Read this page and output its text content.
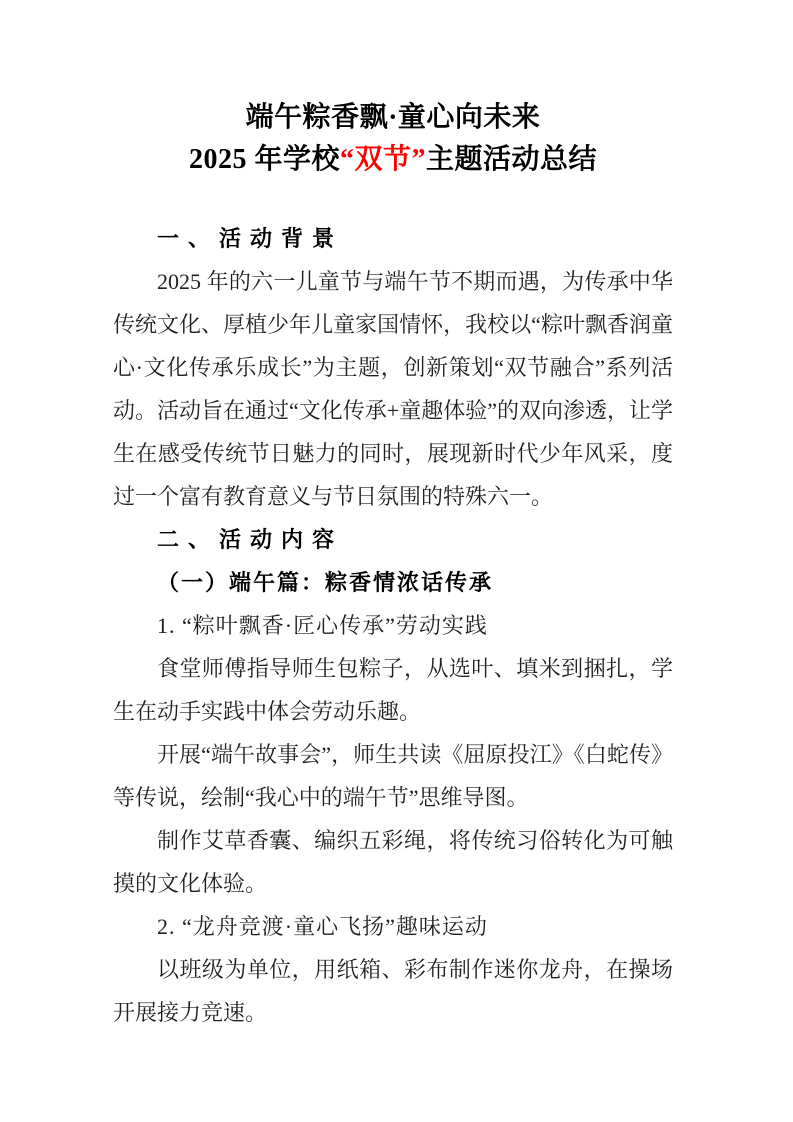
端午粽香飘·童心向未来
2025 年学校“双节”主题活动总结

一、活动背景

2025 年的六一儿童节与端午节不期而遇，为传承中华传统文化、厚植少年儿童家国情怀，我校以“粽叶飘香润童心·文化传承乐成长”为主题，创新策划“双节融合”系列活动。活动旨在通过“文化传承+童趣体验”的双向渗透，让学生在感受传统节日魅力的同时，展现新时代少年风采，度过一个富有教育意义与节日氛围的特殊六一。

二、活动内容

（一）端午篇：粽香情浓话传承

1. “粽叶飘香·匠心传承”劳动实践

食堂师傅指导师生包粽子，从选叶、填米到捆扎，学生在动手实践中体会劳动乐趣。

开展“端午故事会”，师生共读《屈原投江》《白蛇传》等传说，绘制“我心中的端午节”思维导图。

制作艾草香囊、编织五彩绳，将传统习俗转化为可触摸的文化体验。

2. “龙舟竞渡·童心飞扬”趣味运动

以班级为单位，用纸箱、彩布制作迷你龙舟，在操场开展接力竞速。
